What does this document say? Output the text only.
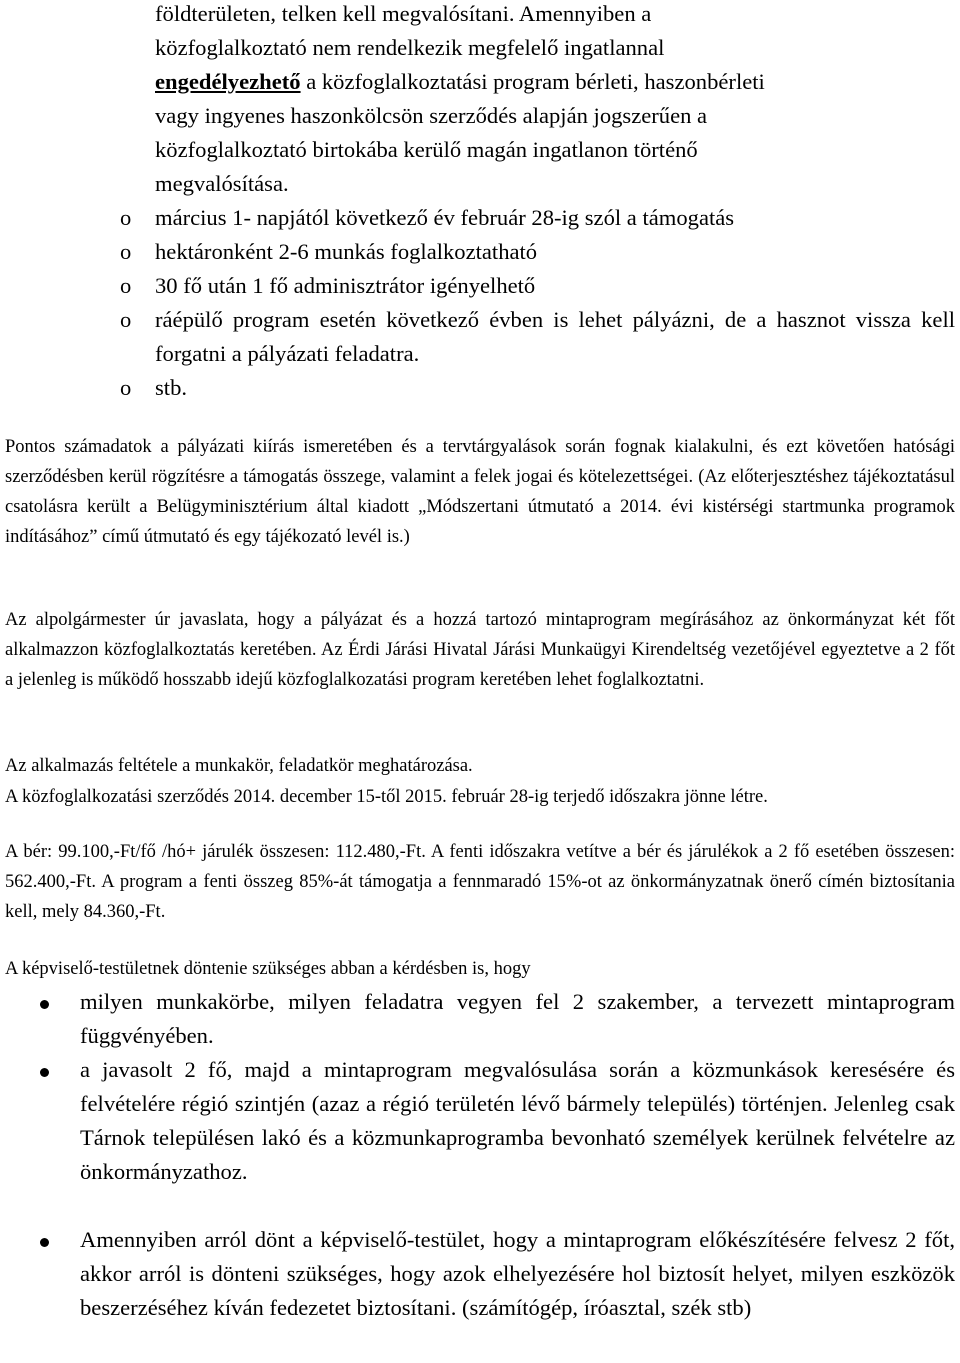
földterületen, telken kell megvalósítani. Amennyiben a
közfoglalkoztató nem rendelkezik megfelelő ingatlannal
engedélyezhető a közfoglalkoztatási program bérleti, haszonbérleti
vagy ingyenes haszonkölcsön szerződés alapján jogszerűen a
közfoglalkoztató birtokába kerülő magán ingatlanon történő
megvalósítása.
o március 1- napjától következő év február 28-ig szól a támogatás
o hektáronként 2-6 munkás foglalkoztatható
o 30 fő után 1 fő adminisztrátor igényelhető
o ráépülő program esetén következő évben is lehet pályázni, de a hasznot vissza kell forgatni a pályázati feladatra.
o stb.
Pontos számadatok a pályázati kiírás ismeretében és a tervtárgyalások során fognak kialakulni, és ezt követően hatósági szerződésben kerül rögzítésre a támogatás összege, valamint a felek jogai és kötelezettségei. (Az előterjesztéshez tájékoztatásul csatolásra került a Belügyminisztérium által kiadott „Módszertani útmutató a 2014. évi kistérségi startmunka programok indításához” című útmutató és egy tájékozató levél is.)
Az alpolgármester úr javaslata, hogy a pályázat és a hozzá tartozó mintaprogram megírásához az önkormányzat két főt alkalmazzon közfoglalkoztatás keretében. Az Érdi Járási Hivatal Járási Munkaügyi Kirendeltség vezetőjével egyeztetve a 2 főt a jelenleg is működő hosszabb idejű közfoglalkozatási program keretében lehet foglalkoztatni.
Az alkalmazás feltétele a munkakör, feladatkör meghatározása.
A közfoglalkozatási szerződés 2014. december 15-től 2015. február 28-ig terjedő időszakra jönne létre.
A bér: 99.100,-Ft/fő /hó+ járulék összesen: 112.480,-Ft. A fenti időszakra vetítve a bér és járulékok a 2 fő esetében összesen: 562.400,-Ft. A program a fenti összeg 85%-át támogatja a fennmaradó 15%-ot az önkormányzatnak önerő címén biztosítania kell, mely 84.360,-Ft.
A képviselő-testületnek döntenie szükséges abban a kérdésben is, hogy
milyen munkakörbe, milyen feladatra vegyen fel 2 szakember, a tervezett mintaprogram függvényében.
a javasolt 2 fő, majd a mintaprogram megvalósulása során a közmunkások keresésére és felvételére régió szintjén (azaz a régió területén lévő bármely település) történjen. Jelenleg csak Tárnok településen lakó és a közmunkaprogramba bevonható személyek kerülnek felvételre az önkormányzathoz.
Amennyiben arról dönt a képviselő-testület, hogy a mintaprogram előkészítésére felvesz 2 főt, akkor arról is dönteni szükséges, hogy azok elhelyezésére hol biztosít helyet, milyen eszközök beszerzéséhez kíván fedezetet biztosítani. (számítógép, íróasztal, szék stb)
